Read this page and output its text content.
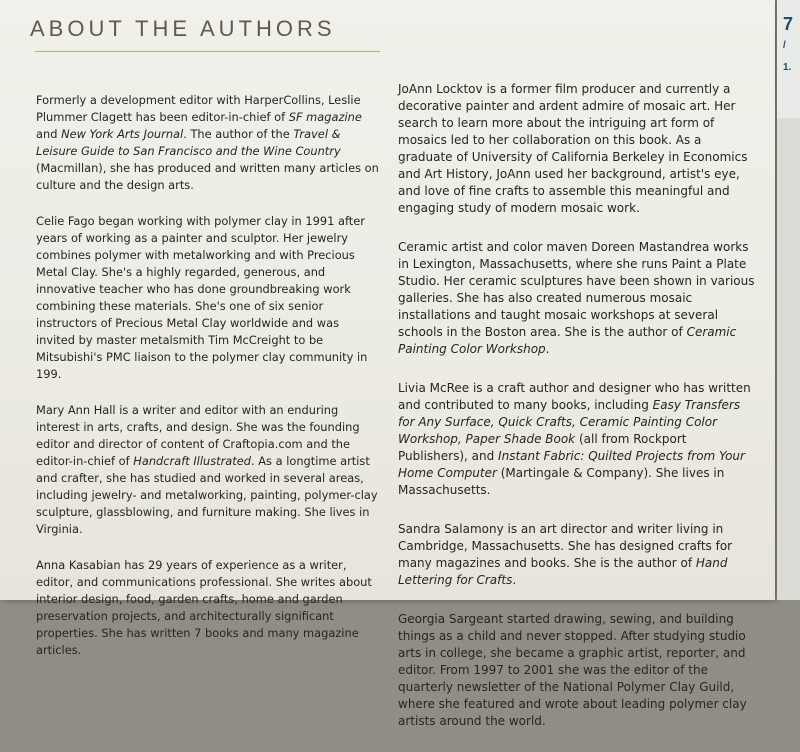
ABOUT THE AUTHORS

Formerly a development editor with HarperCollins, Leslie Plummer Clagett has been editor-in-chief of SF magazine and New York Arts Journal. The author of the Travel & Leisure Guide to San Francisco and the Wine Country (Macmillan), she has produced and written many articles on culture and the design arts.

Celie Fago began working with polymer clay in 1991 after years of working as a painter and sculptor. Her jewelry combines polymer with metalworking and with Precious Metal Clay. She's a highly regarded, generous, and innovative teacher who has done groundbreaking work combining these materials. She's one of six senior instructors of Precious Metal Clay worldwide and was invited by master metalsmith Tim McCreight to be Mitsubishi's PMC liaison to the polymer clay community in 199.

Mary Ann Hall is a writer and editor with an enduring interest in arts, crafts, and design. She was the founding editor and director of content of Craftopia.com and the editor-in-chief of Handcraft Illustrated. As a longtime artist and crafter, she has studied and worked in several areas, including jewelry- and metalworking, painting, polymer-clay sculpture, glassblowing, and furniture making. She lives in Virginia.

Anna Kasabian has 29 years of experience as a writer, editor, and communications professional. She writes about interior design, food, garden crafts, home and garden preservation projects, and architecturally significant properties. She has written 7 books and many magazine articles.

JoAnn Locktov is a former film producer and currently a decorative painter and ardent admire of mosaic art. Her search to learn more about the intriguing art form of mosaics led to her collaboration on this book. As a graduate of University of California Berkeley in Economics and Art History, JoAnn used her background, artist's eye, and love of fine crafts to assemble this meaningful and engaging study of modern mosaic work.

Ceramic artist and color maven Doreen Mastandrea works in Lexington, Massachusetts, where she runs Paint a Plate Studio. Her ceramic sculptures have been shown in various galleries. She has also created numerous mosaic installations and taught mosaic workshops at several schools in the Boston area. She is the author of Ceramic Painting Color Workshop.

Livia McRee is a craft author and designer who has written and contributed to many books, including Easy Transfers for Any Surface, Quick Crafts, Ceramic Painting Color Workshop, Paper Shade Book (all from Rockport Publishers), and Instant Fabric: Quilted Projects from Your Home Computer (Martingale & Company). She lives in Massachusetts.

Sandra Salamony is an art director and writer living in Cambridge, Massachusetts. She has designed crafts for many magazines and books. She is the author of Hand Lettering for Crafts.

Georgia Sargeant started drawing, sewing, and building things as a child and never stopped. After studying studio arts in college, she became a graphic artist, reporter, and editor. From 1997 to 2001 she was the editor of the quarterly newsletter of the National Polymer Clay Guild, where she featured and wrote about leading polymer clay artists around the world.

7
/
1.
